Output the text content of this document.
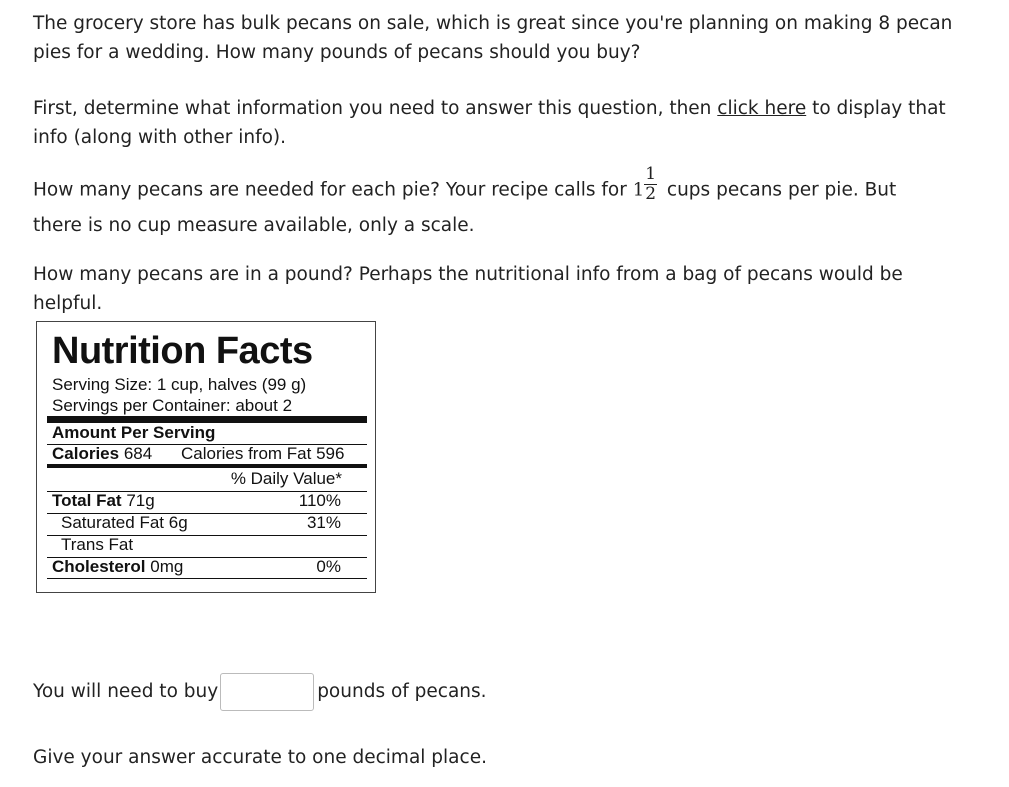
The grocery store has bulk pecans on sale, which is great since you're planning on making 8 pecan pies for a wedding. How many pounds of pecans should you buy?

First, determine what information you need to answer this question, then click here to display that info (along with other info).

How many pecans are needed for each pie? Your recipe calls for $1 \frac{1}{2}$ cups pecans per pie. But

there is no cup measure available, only a scale.

How many pecans are in a pound? Perhaps the nutritional info from a bag of pecans would be helpful.

Nutrition Facts
Serving Size: 1 cup, halves (99 g)
Servings per Container: about 2
Amount Per Serving
Calories 684 Calories from Fat 596
% Daily Value*
Total Fat 71g	110%
Saturated Fat 6g	31%
Trans Fat
Cholesterol 0mg	0%
You will need to buy	pounds of pecans.

Give your answer accurate to one decimal place.
